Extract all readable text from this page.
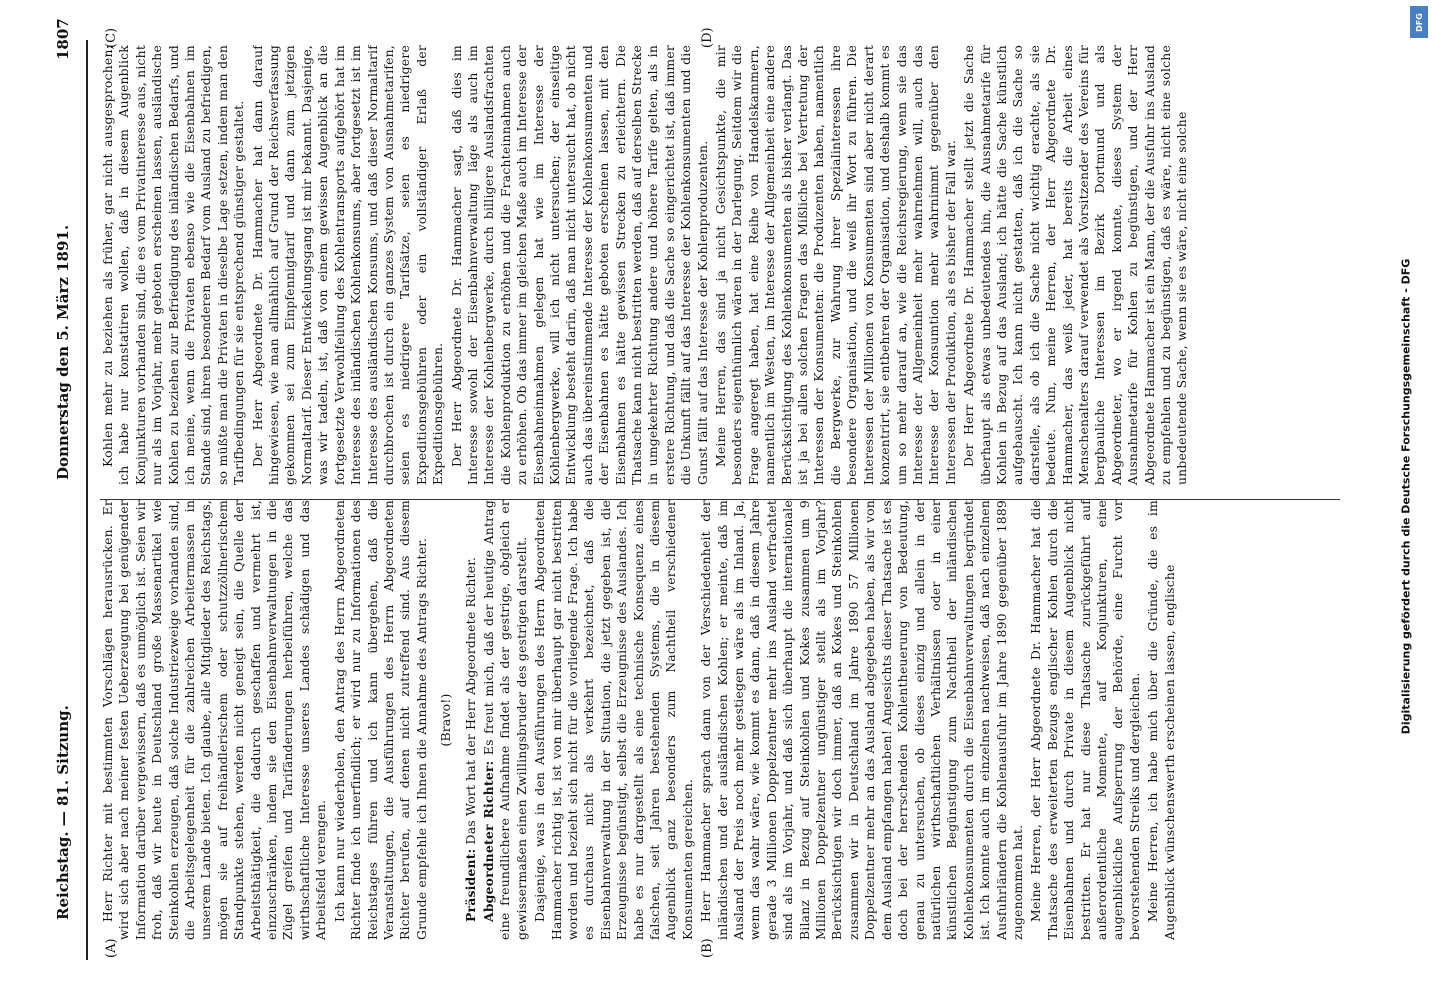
Reichstag. — 81. Sitzung.
Donnerstag den 5. März 1891.
1807
(A)	(B)
(C)	(D)

Herr Richter mit bestimmten Vorschlägen herausrücken. Er wird sich aber nach meiner festen Ueberzeugung bei genügender Information darüber vergewissern, daß es unmöglich ist. Seien wir froh, daß wir heute in Deutschland große Massenartikel wie Steinkohlen erzeugen, daß solche Industriezweige vorhanden sind, die Arbeitsgelegenheit für die zahlreichen Arbeitermassen in unserem Lande bieten. Ich glaube, alle Mitglieder des Reichstags, mögen sie auf freihändlerischem oder schutzzöllnerischem Standpunkte stehen, werden nicht geneigt sein, die Quelle der Arbeitsthätigkeit, die dadurch geschaffen und vermehrt ist, einzuschränken, indem sie den Eisenbahnverwaltungen in die Zügel greifen und Tarifänderungen herbeiführen, welche das wirthschaftliche Interesse unseres Landes schädigen und das Arbeitsfeld verengen. Ich kann nur wiederholen, den Antrag des Herrn Abgeordneten Richter finde ich unerfindlich; er wird nur zu Informationen des Reichstages führen und ich kann übergehen, daß die Veranstaltungen, die Ausführungen des Herrn Abgeordneten Richter berufen, auf denen nicht zutreffend sind. Aus diesem Grunde empfehle ich Ihnen die Annahme des Antrags Richter. (Bravo!)

Präsident: Das Wort hat der Herr Abgeordnete Richter. Abgeordneter Richter: Es freut mich, daß der heutige Antrag eine freundlichere Aufnahme findet als der gestrige, obgleich er gewissermaßen einen Zwillingsbruder des gestrigen darstellt. Dasjenige, was in den Ausführungen des Herrn Abgeordneten Hammacher richtig ist, ist von mir überhaupt gar nicht bestritten worden und bezieht sich nicht für die vorliegende Frage. Ich habe es durchaus nicht als verkehrt bezeichnet, daß die Eisenbahnverwaltung in der Situation, die jetzt gegeben ist, die Erzeugnisse begünstigt, selbst die Erzeugnisse des Auslandes. Ich habe es nur dargestellt als eine technische Konsequenz eines falschen, seit Jahren bestehenden Systems, die in diesem Augenblick ganz besonders zum Nachtheil verschiedener Konsumenten gereichen. Herr Hammacher sprach dann von der Verschiedenheit der inländischen und der ausländischen Kohlen; er meinte, daß im Ausland der Preis noch mehr gestiegen wäre als im Inland. Ja, wenn das wahr wäre, wie kommt es dann, daß in diesem Jahre gerade 3 Millionen Doppelzentner mehr ins Ausland verfrachtet sind als im Vorjahr, und daß sich überhaupt die internationale Bilanz in Bezug auf Steinkohlen und Kokes zusammen um 9 Millionen Doppelzentner ungünstiger stellt als im Vorjahr? Berücksichtigen wir doch immer, daß an Kokes und Steinkohlen zusammen wir in Deutschland im Jahre 1890 57 Millionen Doppelzentner mehr an das Ausland abgegeben haben, als wir von dem Ausland empfangen haben! Angesichts dieser Thatsache ist es doch bei der herrschenden Kohlentheuerung von Bedeutung, genau zu untersuchen, ob dieses einzig und allein in der natürlichen wirthschaftlichen Verhältnissen oder in einer künstlichen Begünstigung zum Nachtheil der inländischen Kohlenkonsumenten durch die Eisenbahnverwaltungen begründet ist. Ich konnte auch im einzelnen nachweisen, daß nach einzelnen Ausfuhrländern die Kohlenausfuhr im Jahre 1890 gegenüber 1889 zugenommen hat. Meine Herren, der Herr Abgeordnete Dr. Hammacher hat die Thatsache des erweiterten Bezugs englischer Kohlen durch die Eisenbahnen und durch Private in diesem Augenblick nicht bestritten. Er hat nur diese Thatsache zurückgeführt auf außerordentliche Momente, auf Konjunkturen, eine augenblickliche Aufsperrung der Behörde, eine Furcht vor bevorstehenden Streiks und dergleichen. Meine Herren, ich habe mich über die Gründe, die es im Augenblick wünschenswerth erscheinen lassen, englische

Kohlen mehr zu beziehen als früher, gar nicht ausgesprochen; ich habe nur konstatiren wollen, daß in diesem Augenblick Konjunkturen vorhanden sind, die es vom Privatinteresse aus, nicht nur als im Vorjahr, mehr geboten erscheinen lassen, ausländische Kohlen zu beziehen zur Befriedigung des inländischen Bedarfs, und ich meine, wenn die Privaten ebenso wie die Eisenbahnen im Stande sind, ihren besonderen Bedarf vom Ausland zu befriedigen, so müßte man die Privaten in dieselbe Lage setzen, indem man den Tarifbedingungen für sie entsprechend günstiger gestaltet. Der Herr Abgeordnete Dr. Hammacher hat dann darauf hingewiesen, wie man allmählich auf Grund der Reichsverfassung gekommen sei zum Einpfennigtarif und dann zum jetzigen Normaltarif. Dieser Entwickelungsgang ist mir bekannt. Dasjenige, was wir tadeln, ist, daß von einem gewissen Augenblick an die fortgesetzte Verwohlfeilung des Kohlentransports aufgehört hat im Interesse des inländischen Kohlenkonsums, aber fortgesetzt ist im Interesse des ausländischen Konsums, und daß dieser Normaltarif durchbrochen ist durch ein ganzes System von Ausnahmetarifen, seien es niedrigere Tarifsätze, seien es niedrigere Expeditionsgebühren oder ein vollständiger Erlaß der Expeditionsgebühren. Der Herr Abgeordnete Dr. Hammacher sagt, daß dies im Interesse sowohl der Eisenbahnverwaltung läge als auch im Interesse der Kohlenbergwerke, durch billigere Auslandsfrachten die Kohlenproduktion zu erhöhen und die Frachteinnahmen auch zu erhöhen. Ob das immer im gleichen Maße auch im Interesse der Eisenbahneinnahmen gelegen hat wie im Interesse der Kohlenbergwerke, will ich nicht untersuchen; der einseitige Entwicklung besteht darin, daß man nicht untersucht hat, ob nicht auch das übereinstimmende Interesse der Kohlenkonsumenten und der Eisenbahnen es hätte geboten erscheinen lassen, mit den Eisenbahnen es hätte gewissen Strecken zu erleichtern. Die Thatsache kann nicht bestritten werden, daß auf derselben Strecke in umgekehrter Richtung andere und höhere Tarife gelten, als in erstere Richtung, und daß die Sache so eingerichtet ist, daß immer die Unkunft fällt auf das Interesse der Kohlenkonsumenten und die Gunst fällt auf das Interesse der Kohlenproduzenten. Meine Herren, das sind ja nicht Gesichtspunkte, die mir besonders eigenthümlich wären in der Darlegung. Seitdem wir die Frage angeregt haben, hat eine Reihe von Handelskammern, namentlich im Westen, im Interesse der Allgemeinheit eine andere Berücksichtigung des Kohlenkonsumenten als bisher verlangt. Das ist ja bei allen solchen Fragen das Mißliche bei Vertretung der Interessen der Konsumenten: die Produzenten haben, namentlich die Bergwerke, zur Wahrung ihrer Spezialinteressen ihre besondere Organisation, und die weiß ihr Wort zu führen. Die Interessen der Millionen von Konsumenten sind aber nicht derart konzentrirt, sie entbehren der Organisation, und deshalb kommt es um so mehr darauf an, wie die Reichsregierung, wenn sie das Interesse der Allgemeinheit mehr wahrnehmen will, auch das Interesse der Konsumtion mehr wahrnimmt gegenüber den Interessen der Produktion, als es bisher der Fall war. Der Herr Abgeordnete Dr. Hammacher stellt jetzt die Sache überhaupt als etwas unbedeutendes hin, die Ausnahmetarife für Kohlen in Bezug auf das Ausland; ich hätte die Sache künstlich aufgebauscht. Ich kann nicht gestatten, daß ich die Sache so darstelle, als ob ich die Sache nicht wichtig erachte, als sie bedeute. Nun, meine Herren, der Herr Abgeordnete Dr. Hammacher, das weiß jeder, hat bereits die Arbeit eines Menschenalters darauf verwendet als Vorsitzender des Vereins für bergbauliche Interessen im Bezirk Dortmund und als Abgeordneter, wo er irgend konnte, dieses System der Ausnahmetarife für Kohlen zu begünstigen, und der Herr Abgeordnete Hammacher ist ein Mann, der die Ausfuhr ins Ausland zu empfehlen und zu begünstigen, daß es wäre, nicht eine solche unbedeutende Sache, wenn sie es wäre, nicht eine solche	Digitalisierung gefördert durch die Deutsche Forschungsgemeinschaft - DFG
DFG
